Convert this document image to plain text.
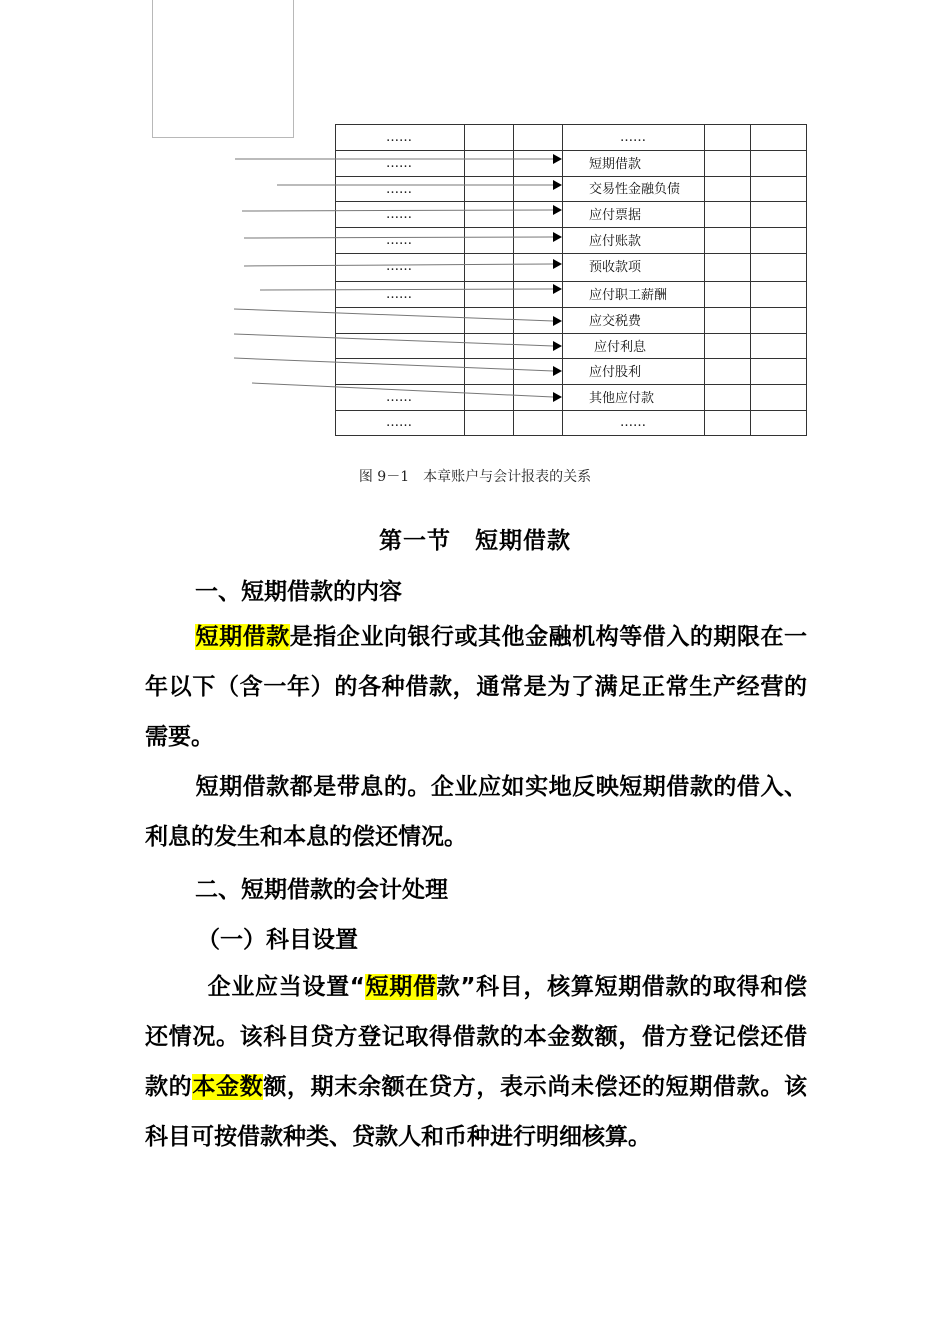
……
……
……
……
……
……
……
……
……
……
短期借款
交易性金融负债
应付票据
应付账款
预收款项
应付职工薪酬
应交税费
应付利息
应付股利
其他应付款
……
图 9－1　本章账户与会计报表的关系
第一节　短期借款
一、短期借款的内容
短期借款是指企业向银行或其他金融机构等借入的期限在一年以下（含一年）的各种借款，通常是为了满足正常生产经营的需要。
短期借款都是带息的。企业应如实地反映短期借款的借入、利息的发生和本息的偿还情况。
二、短期借款的会计处理
（一）科目设置
企业应当设置“短期借款”科目，核算短期借款的取得和偿还情况。该科目贷方登记取得借款的本金数额，借方登记偿还借款的本金数额，期末余额在贷方，表示尚未偿还的短期借款。该科目可按借款种类、贷款人和币种进行明细核算。
